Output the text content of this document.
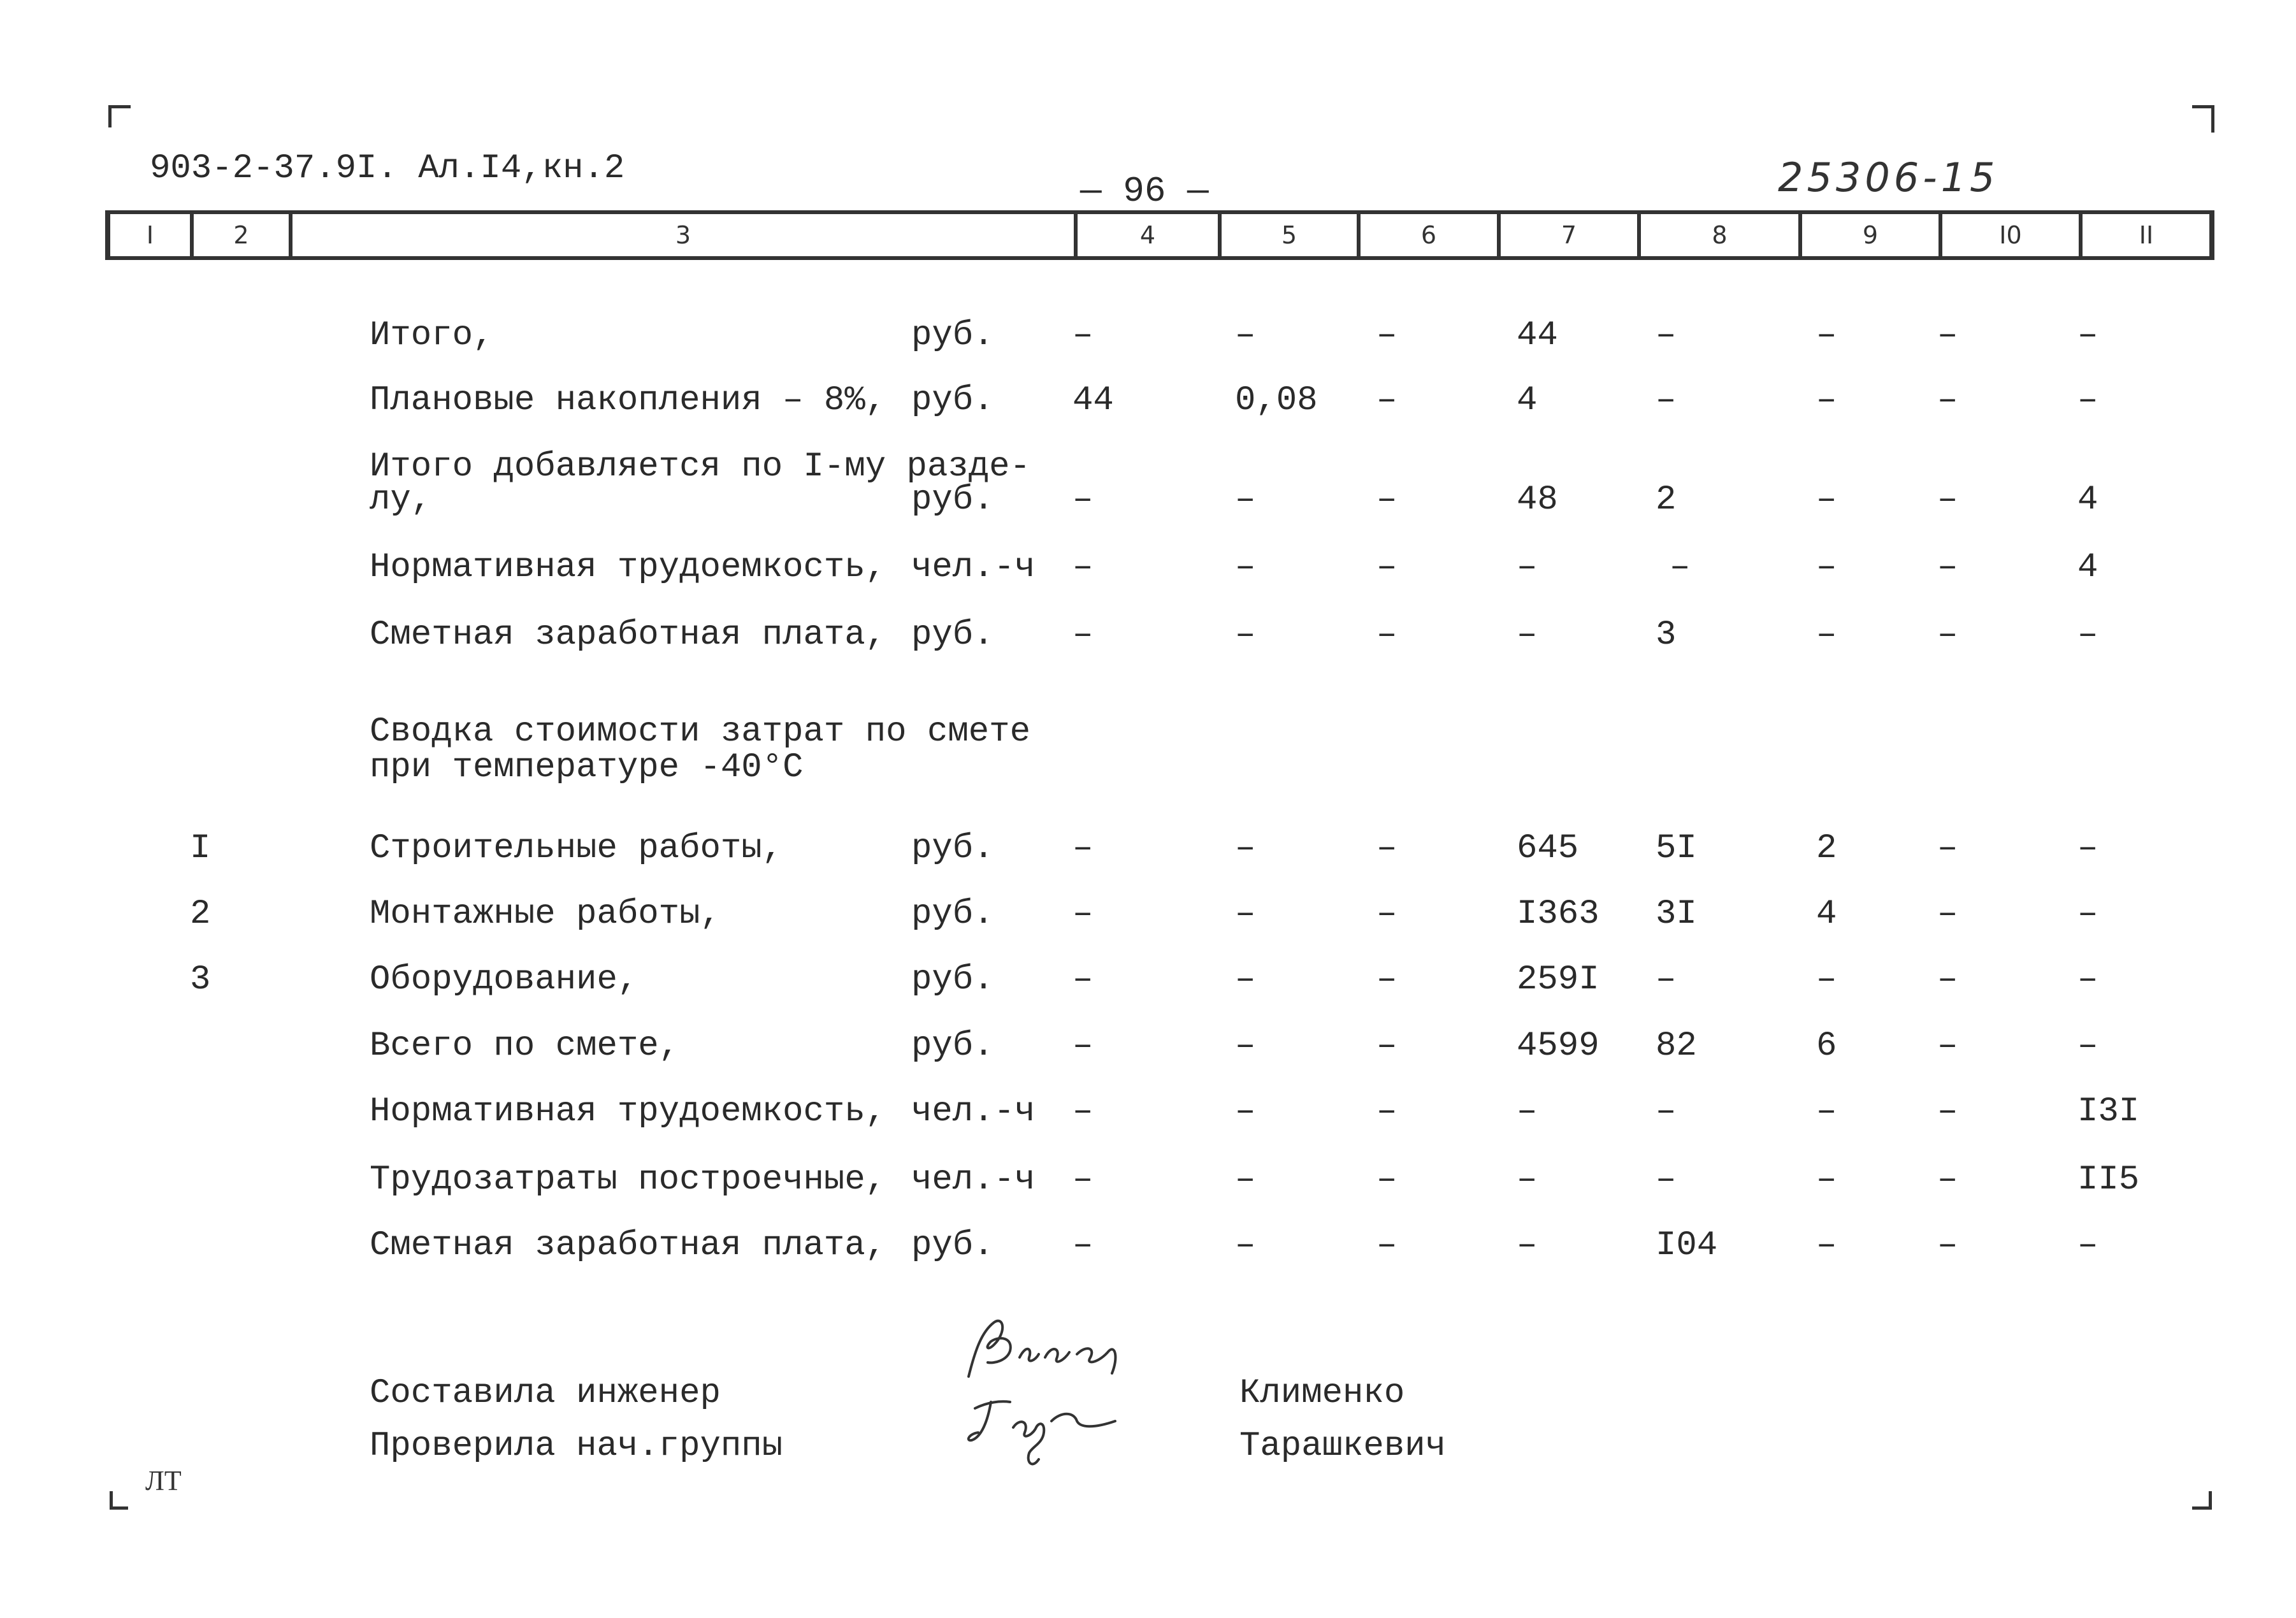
903-2-37.9I. Ал.I4,кн.2
— 96 —	25306-15
I	2	3	4	5	6	7	8	9	I0	II
Итого,	руб. –	–	–	44	–	–	–	–
Плановые накопления – 8%, руб. 44	0,08 –	4	–	–	–	–
Итого добавляется по I-му разде-
лу,	руб. –	–	–	48	2	–	–	4
Нормативная трудоемкость, чел.-ч –	–	–	–	–	–	–	4
Сметная заработная плата, руб. –	–	–	–	3	–	–	–
Сводка стоимости затрат по смете
при температуре -40°С
I	Строительные работы,	руб. –	–	–	645 5I	2	–	–
2	Монтажные работы,	руб. –	–	–	I363 3I	4	–	–
3	Оборудование,	руб. –	–	–	259I –	–	–	–
Всего по смете,	руб. –	–	–	4599 82	6	–	–
Нормативная трудоемкость, чел.-ч –	–	–	–	–	–	–	I3I
Трудозатраты построечные, чел.-ч –	–	–	–	–	–	–	II5
Сметная заработная плата, руб. –	–	–	–	I04	–	–	–
Составила инженер	Клименко
Проверила нач.группы	Тарашкевич
ЛТ
